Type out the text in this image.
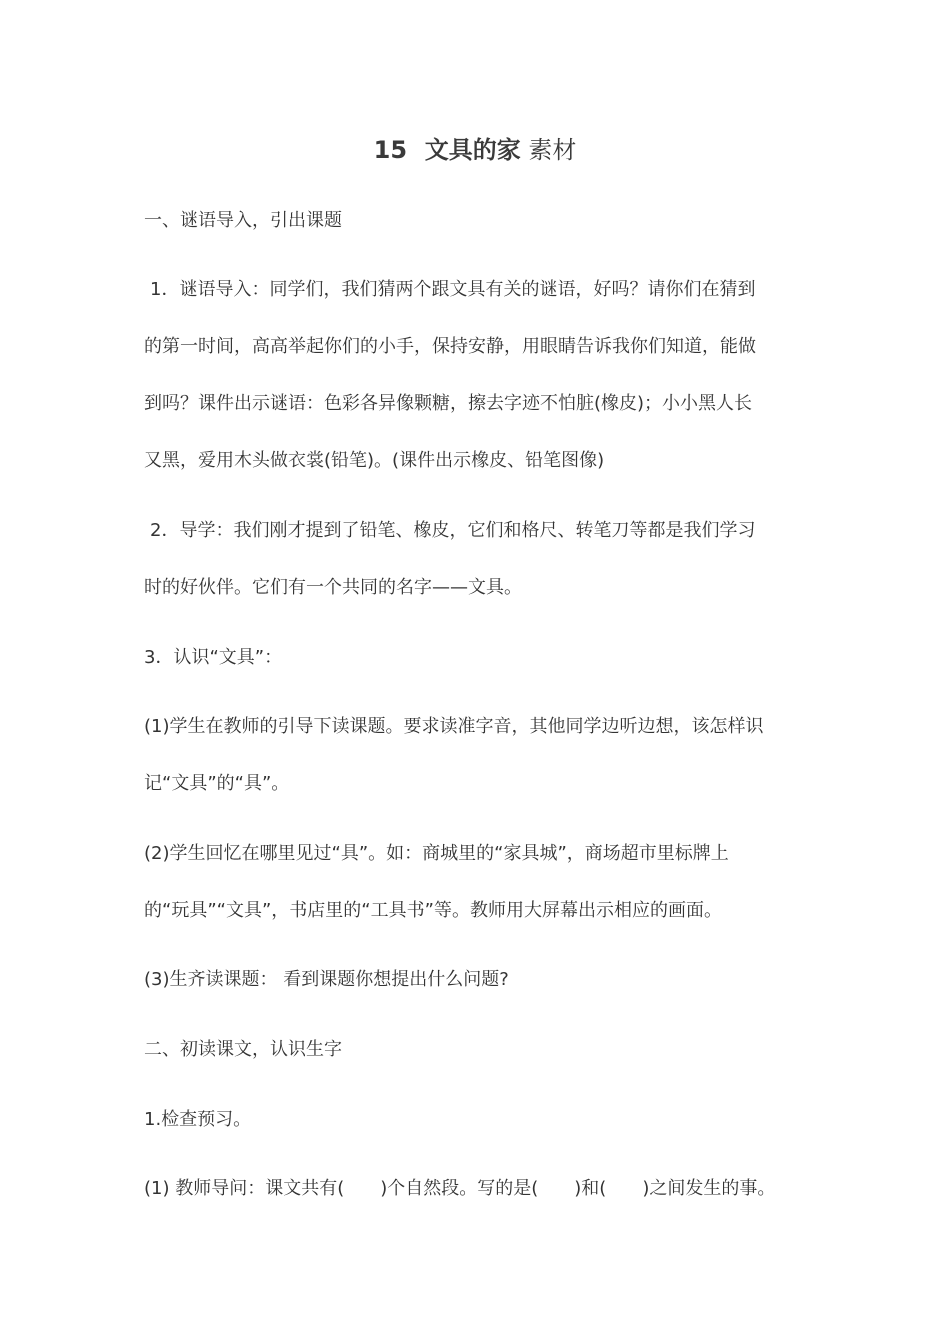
15 文具的家 素材
一、谜语导入，引出课题
1．谜语导入：同学们，我们猜两个跟文具有关的谜语，好吗？请你们在猜到
的第一时间，高高举起你们的小手，保持安静，用眼睛告诉我你们知道，能做
到吗？课件出示谜语：色彩各异像颗糖，擦去字迹不怕脏(橡皮)；小小黑人长
又黑，爱用木头做衣裳(铅笔)。(课件出示橡皮、铅笔图像)
2．导学：我们刚才提到了铅笔、橡皮，它们和格尺、转笔刀等都是我们学习
时的好伙伴。它们有一个共同的名字——文具。
3．认识“文具”：
(1)学生在教师的引导下读课题。要求读准字音，其他同学边听边想，该怎样识
记“文具”的“具”。
(2)学生回忆在哪里见过“具”。如：商城里的“家具城”，商场超市里标牌上
的“玩具”“文具”，书店里的“工具书”等。教师用大屏幕出示相应的画面。
(3)生齐读课题： 看到课题你想提出什么问题?
二、初读课文，认识生字
1.检查预习。
(1) 教师导问：课文共有(　　)个自然段。写的是(　　)和(　　)之间发生的事。
